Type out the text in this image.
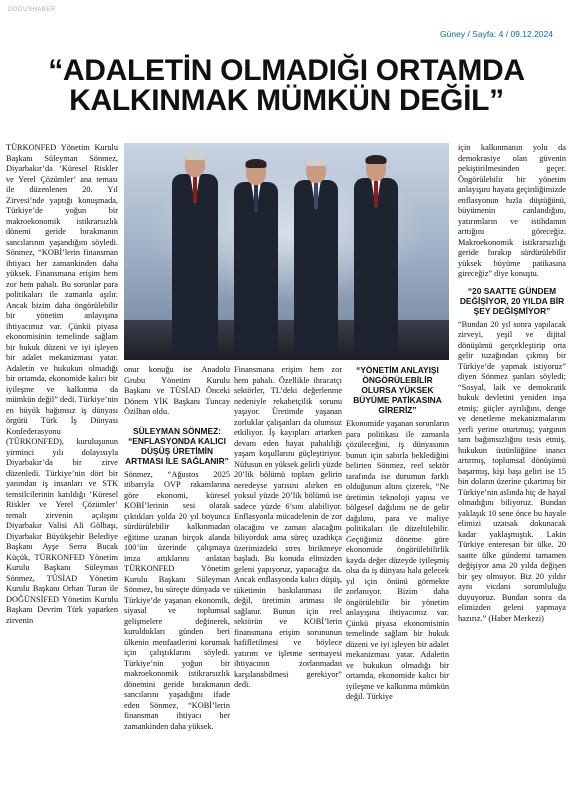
DOGUSHABER
Güney / Sayfa: 4 / 09.12.2024
“ADALETİN OLMADIĞI ORTAMDA
KALKINMAK MÜMKÜN DEĞİL”

TÜRKONFED Yönetim Kurulu Başkanı Süleyman Sönmez, Diyarbakır’da ‘Küresel Riskler ve Yerel Çözümler’ ana teması ile düzenlenen 20. Yıl Zirvesi’nde yaptığı konuşmada, Türkiye’de yoğun bir makroekonomik istikrarsızlık dönemi geride bırakmanın sancılarının yaşandığını söyledi. Sönmez, “KOBİ’lerin finansman ihtiyacı her zamankinden daha yüksek. Finansmana erişim hem zor hem pahalı. Bu sorunlar para politikaları ile zamanla aşılır. Ancak bizim daha öngörülebilir bir yönetim anlayışına ihtiyacımız var. Çünkü piyasa ekonomisinin temelinde sağlam bir hukuk düzeni ve iyi işleyen bir adalet mekanizması yatar. Adaletin ve hukukun olmadığı bir ortamda, ekonomide kalıcı bir iyileşme ve kalkınma da mümkün değil” dedi. Türkiye’nin en büyük bağımsız iş dünyası örgütü Türk İş Dünyası Konfederasyonu (TÜRKONFED), kuruluşunun yirminci yılı dolayısıyla Diyarbakır’da bir zirve düzenledi. Türkiye’nin dört bir yanından iş insanları ve STK temsilcilerinin katıldığı ‘Küresel Riskler ve Yerel Çözümler’ temalı zirvenin açılışını Diyarbakır Valisi Ali Gölbaşı, Diyarbakır Büyükşehir Belediye Başkanı Ayşe Serra Bucak Küçük, TÜRKONFED Yönetim Kurulu Başkanı Süleyman Sönmez, TÜSİAD Yönetim Kurulu Başkanı Orhan Turan ile DOĞÜNSİFED Yönetim Kurulu Başkanı Devrim Türk yaparken zirvenin

onur konuğu ise Anadolu Grubu Yönetim Kurulu Başkanı ve TÜSİAD Önceki Dönem YİK Başkanı Tuncay Özilhan oldu.

SÜLEYMAN SÖNMEZ: “ENFLASYONDA KALICI DÜŞÜŞ ÜRETİMİN ARTMASI İLE SAĞLANIR”

Sönmez, “Ağustos 2025 itibarıyla OVP rakamlarına göre ekonomi, küresel KOBİ’lerinin sesi olarak çıktıkları yolda 20 yıl boyunca sürdürülebilir kalkınmadan eğitime uzanan birçok alanda 100’ün üzerinde çalışmaya imza attıklarını anlatan TÜRKONFED Yönetim Kurulu Başkanı Süleyman Sönmez, bu süreçte dünyada ve Türkiye’de yaşanan ekonomik, siyasal ve toplumsal gelişmelere değinerek, kuruldukları günden beri ülkenin menfaatlerini korumak için çalıştıklarını söyledi. Türkiye’nin yoğun bir makroekonomik istikrarsızlık dönemini geride bırakmanın sancılarını yaşadığını ifade eden Sönmez, “KOBİ’lerin finansman ihtiyacı her zamankinden daha yüksek.

Finansmana erişim hem zor hem pahalı. Özellikle ihracatçı sektörler, TL’deki değerlenme nedeniyle rekabetçilik sorunu yaşıyor. Üretimde yaşanan zorluklar çalışanları da olumsuz etkiliyor. İş kayıpları artarken devam eden hayat pahalılığı yaşam koşullarını güçleştiriyor. Nüfusun en yüksek gelirli yüzde 20’lik bölümü toplam gelirin neredeyse yarısını alırken en yoksul yüzde 20’lik bölümü ise sadece yüzde 6’sını alabiliyor. Enflasyonla mücadelenin de zor olacağını ve zaman alacağını biliyorduk ama süreç uzadıkça üzerimizdeki stres birikmeye başladı. Bu konuda elimizden geleni yapıyoruz, yapacağız da. Ancak enflasyonda kalıcı düşüş, tüketimin baskılanması ile değil, üretimin artması ile sağlanır. Bunun için reel sektörün ve KOBİ’lerin finansmana erişim sorununun hafifletilmesi ve böylece yatırım ve işletme sermayesi ihtiyacının zorlanmadan karşılanabilmesi gerekiyor” dedi.

“YÖNETİM ANLAYIŞI ÖNGÖRÜLEBİLİR OLURSA YÜKSEK BÜYÜME PATİKASINA GİRERİZ”

Ekonomide yaşanan sorunların para politikası ile zamanla çözüleceğini, iş dünyasının bunun için sabırla beklediğini belirten Sönmez, reel sektör tarafında ise durumun farklı olduğunun altını çizerek, “Ne üretimin teknoloji yapısı ve bölgesel dağılımı ne de gelir dağılımı, para ve maliye politikaları ile düzeltilebilir. Geçtiğimiz döneme göre ekonomide öngörülebilirlik kayda değer düzeyde iyileşmiş olsa da iş dünyası hala gelecek yıl için önünü görmekte zorlanıyor. Bizim daha öngörülebilir bir yönetim anlayışına ihtiyacımız var. Çünkü piyasa ekonomisinin temelinde sağlam bir hukuk düzeni ve iyi işleyen bir adalet mekanizması yatar. Adaletin ve hukukun olmadığı bir ortamda, ekonomide kalıcı bir iyileşme ve kalkınma mümkün değil. Türkiye

için kalkınmanın yolu da demokrasiye olan güvenin pekiştirilmesinden geçer. Öngörülebilir bir yönetim anlayışını hayata geçirdiğimizde enflasyonun hızla düştüğünü, büyümenin canlandığını, yatırımların ve istihdamın arttığını göreceğiz. Makroekonomik istikrarsızlığı geride bırakıp sürdürülebilir yüksek büyüme patikasına gireceğiz” diye konuştu.

“20 SAATTE GÜNDEM DEĞİŞİYOR, 20 YILDA BİR ŞEY DEĞİŞMİYOR”

“Bundan 20 yıl sonra yapılacak zirveyi, yeşil ve dijital dönüşümü gerçekleştirip orta gelir tuzağından çıkmış bir Türkiye’de yapmak istiyoruz” diyen Sönmez şunları söyledi; “Sosyal, laik ve demokratik hukuk devletini yeniden inşa etmiş; güçler ayrılığını, denge ve denetleme mekanizmalarını yerli yerine oturtmuş; yargının tam bağımsızlığını tesis etmiş, hukukun üstünlüğüne inancı artırmış, toplumsal dönüşümü başarmış, kişi başı geliri ise 15 bin doların üzerine çıkartmış bir Türkiye’nin aslında hiç de hayal olmadığını biliyoruz. Bundan yaklaşık 10 sene önce bu hayale elimizi uzatsak dokunacak kadar yaklaşmıştık. Lakin Türkiye enteresan bir ülke. 20 saatte ülke gündemi tamamen değişiyor ama 20 yılda değişen bir şey olmuyor. Biz 20 yıldır aynı vicdani sorumluluğu duyuyoruz. Bundan sonra da elimizden geleni yapmaya hazırız.” (Haber Merkezi)
